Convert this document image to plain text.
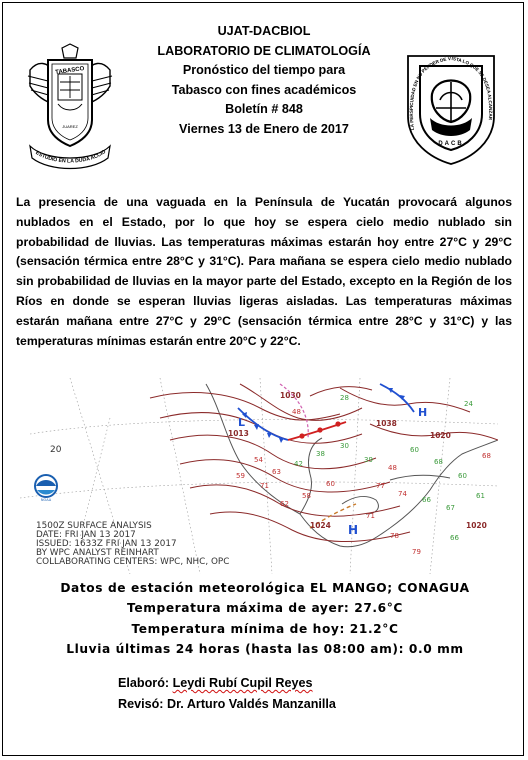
TABASCO
JUAREZ
ESTUDIO EN LA DUDA ACCIO
LA PERSPICUIDAD EN NO PERDER DE VISTA LO QUE SE DESEA ALCANZAR
DACB
UJAT-DACBIOL
LABORATORIO DE CLIMATOLOGÍA
Pronóstico del tiempo para
Tabasco con fines académicos
Boletín # 848
Viernes 13 de Enero de 2017
La presencia de una vaguada en la Península de Yucatán provocará algunos nublados en el Estado, por lo que hoy se espera cielo medio nublado sin probabilidad de lluvias. Las temperaturas máximas estarán hoy entre 27°C y 29°C (sensación térmica entre 28°C y 31°C). Para mañana se espera cielo medio nublado sin probabilidad de lluvias en la mayor parte del Estado, excepto en la Región de los Ríos en donde se esperan lluvias ligeras aisladas. Las temperaturas máximas estarán mañana entre 27°C y 29°C (sensación térmica entre 28°C y 31°C) y las temperaturas mínimas estarán entre 20°C y 22°C.
20
L
H
H
1013
1038
1020
1024	1020
1030
54
63
59
71
42
38
30
39
48
60
68
60
77
74
66
67
62
58
60
71
78
79
66
61
48
28
24
68
NOAA
1500Z SURFACE ANALYSIS
DATE: FRI JAN 13 2017
ISSUED: 1633Z FRI JAN 13 2017
BY WPC ANALYST REINHART
COLLABORATING CENTERS: WPC, NHC, OPC
Datos de estación meteorológica EL MANGO; CONAGUA
Temperatura máxima de ayer: 27.6°C
Temperatura mínima de hoy: 21.2°C
Lluvia últimas 24 horas (hasta las 08:00 am): 0.0 mm
Elaboró: Leydi Rubí Cupil Reyes
Revisó: Dr. Arturo Valdés Manzanilla
